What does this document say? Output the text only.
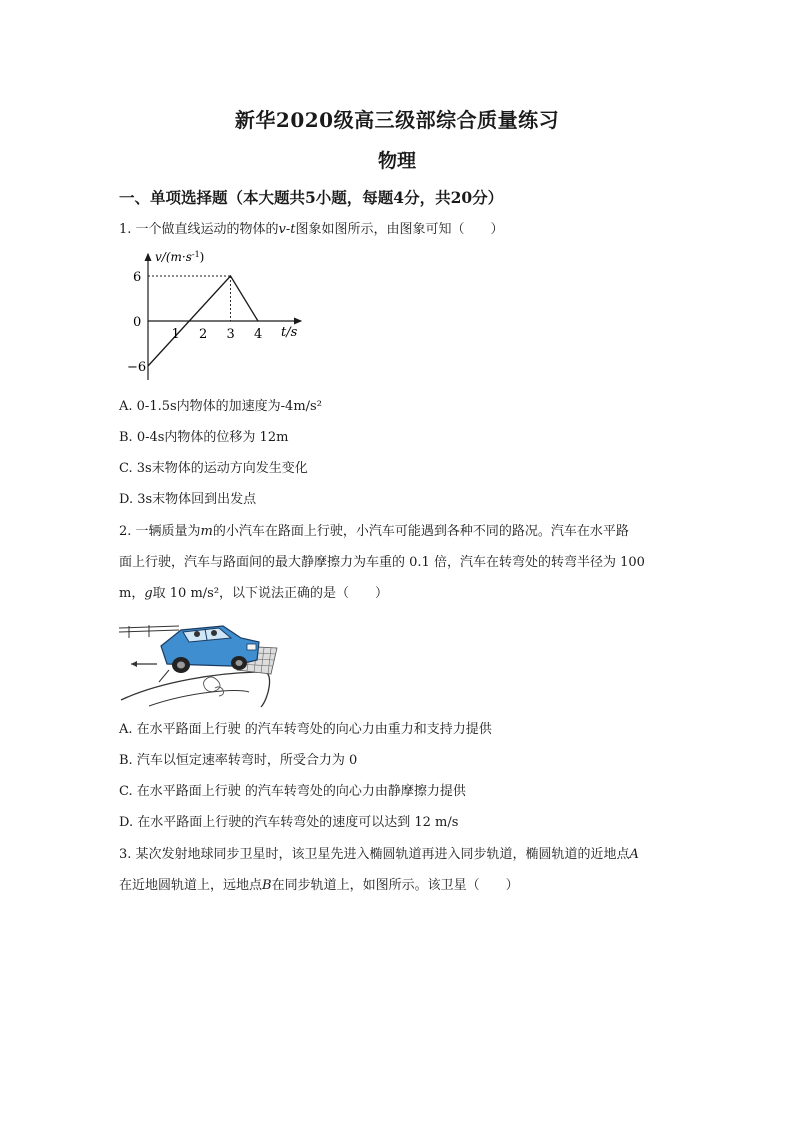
新华2020级高三级部综合质量练习
物理
一、单项选择题（本大题共5小题，每题4分，共20分）
1. 一个做直线运动的物体的v-t图象如图所示，由图象可知（　　）
$v/(m\cdot s^{-1})$
6
0
−6
1 2 3 4 t/s
A. 0-1.5s内物体的加速度为-4m/s²
B. 0-4s内物体的位移为 12m
C. 3s末物体的运动方向发生变化
D. 3s末物体回到出发点
2. 一辆质量为m的小汽车在路面上行驶，小汽车可能遇到各种不同的路况。汽车在水平路
面上行驶，汽车与路面间的最大静摩擦力为车重的 0.1 倍，汽车在转弯处的转弯半径为 100
m，g取 10 m/s²，以下说法正确的是（　　）
A. 在水平路面上行驶 的汽车转弯处的向心力由重力和支持力提供
B. 汽车以恒定速率转弯时，所受合力为 0
C. 在水平路面上行驶 的汽车转弯处的向心力由静摩擦力提供
D. 在水平路面上行驶的汽车转弯处的速度可以达到 12 m/s
3. 某次发射地球同步卫星时，该卫星先进入椭圆轨道再进入同步轨道，椭圆轨道的近地点A
在近地圆轨道上，远地点B在同步轨道上，如图所示。该卫星（　　）
